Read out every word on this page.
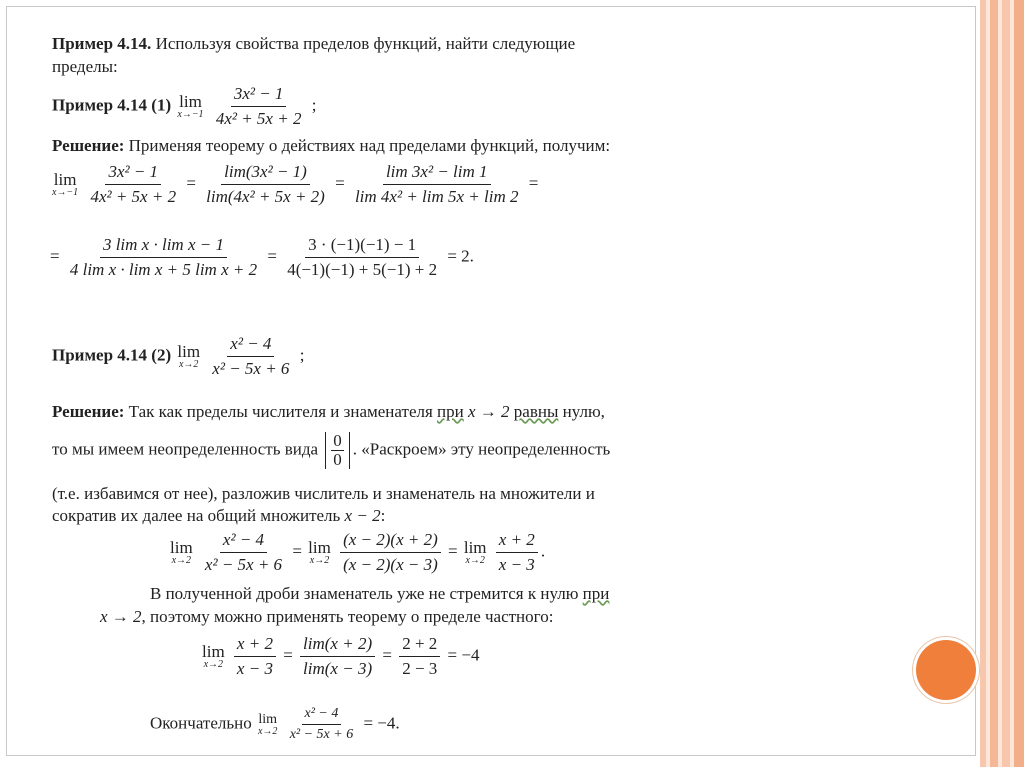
Пример 4.14. Используя свойства пределов функций, найти следующие
пределы:
Пример 4.14 (1) lim
x→−1
$\frac{\text{3x² − 1}}{\text{4x² + 5x + 2}}$ ;
Решение: Применяя теорему о действиях над пределами функций, получим:
lim
x→−1
$\frac{\text{3x² − 1}}{\text{4x² + 5x + 2}} = \frac{\text{lim(3x² − 1)}}{\text{lim(4x² + 5x + 2)}} = \frac{\text{lim 3x² − lim 1}}{\text{lim 4x² + lim 5x + lim 2}}$ =
= $\frac{\text{3 lim x · lim x − 1}}{\text{4 lim x · lim x + 5 lim x + 2}} = \frac{3 \cdot (-1)(-1) - 1}{4(-1)(-1) + 5(-1) + 2} = 2$.
Пример 4.14 (2) lim
x→2
$\frac{\text{x² − 4}}{\text{x² − 5x + 6}}$ ;
Решение: Так как пределы числителя и знаменателя при x → 2 равны нулю,
то мы имеем неопределенность вида $\frac{0}{0}$ . «Раскроем» эту неопределенность
(т.е. избавимся от нее), разложив числитель и знаменатель на множители и
сократив их далее на общий множитель x − 2:
lim
x→2
$\frac{\text{x² − 4}}{\text{x² − 5x + 6}} = \lim$
x→2
$\frac{(x - 2)(x + 2)}{(x - 2)(x - 3)} = \lim$
x→2
$\frac{x + 2}{x - 3}$ .
В полученной дроби знаменатель уже не стремится к нулю при
x → 2, поэтому можно применять теорему о пределе частного:
lim
x→2
$\frac{x + 2}{x - 3} = \frac{\lim(x + 2)}{\lim(x - 3)} = \frac{2 + 2}{2 - 3} = -4$
Окончательно lim
x→2
$\frac{\text{x² − 4}}{\text{x² − 5x + 6}} = -4$.
